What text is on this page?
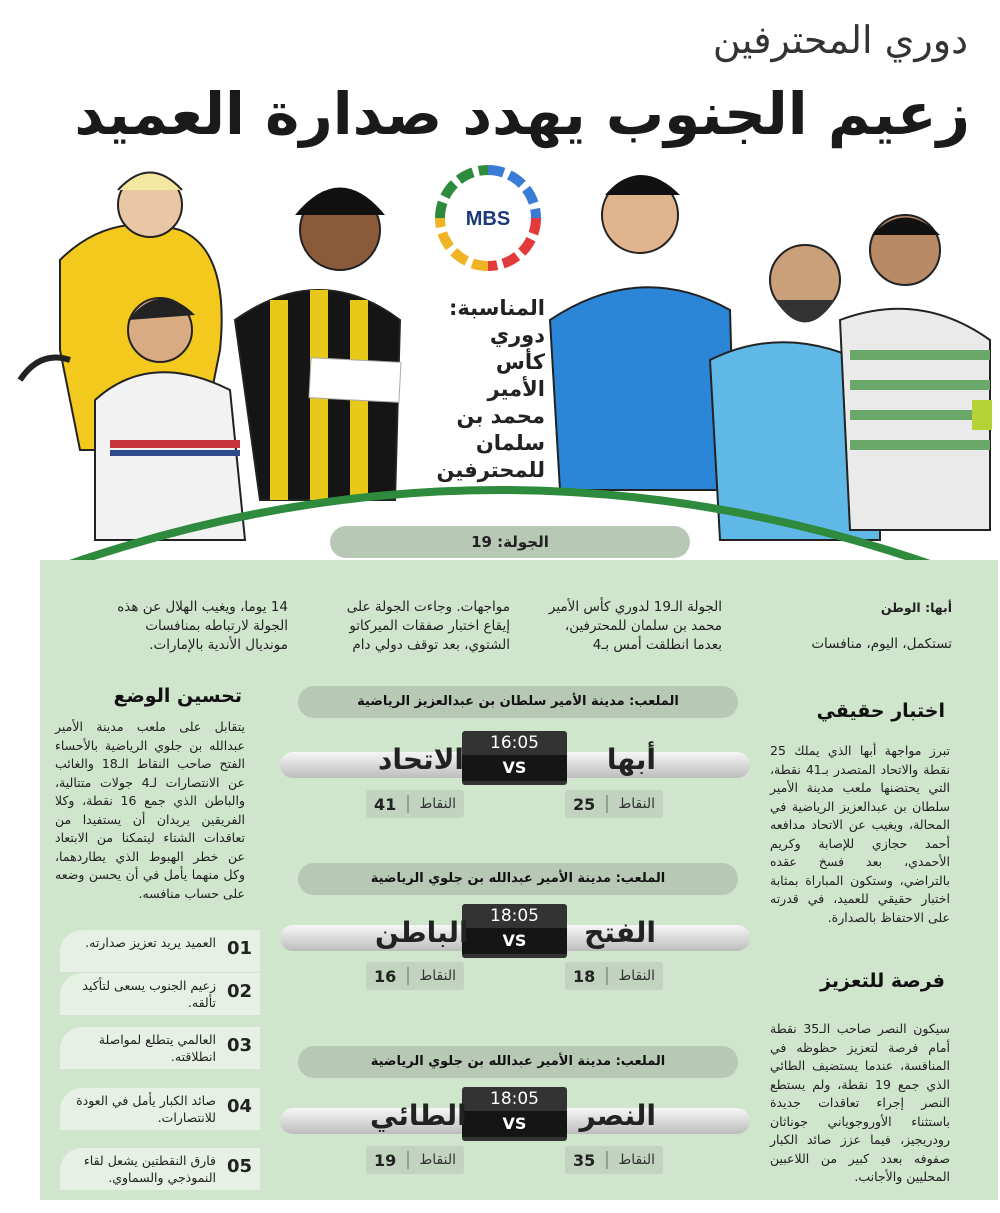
دوري المحترفين
زعيم الجنوب يهدد صدارة العميد
MBS
المناسبة: دوري كأس الأمير محمد بن سلمان للمحترفين
الجولة: 19
أبها: الوطن
تستكمل، اليوم، منافسات
الجولة الـ19 لدوري كأس الأمير محمد بن سلمان للمحترفين، بعدما انطلقت أمس بـ4
مواجهات. وجاءت الجولة على إيقاع اختبار صفقات الميركاتو الشتوي، بعد توقف دولي دام
14 يوما، ويغيب الهلال عن هذه الجولة لارتباطه بمنافسات مونديال الأندية بالإمارات.
اختبار حقيقي
تبرز مواجهة أبها الذي يملك 25 نقطة والاتحاد المتصدر بـ41 نقطة، التي يحتضنها ملعب مدينة الأمير سلطان بن عبدالعزيز الرياضية في المحالة، ويغيب عن الاتحاد مدافعه أحمد حجازي للإصابة وكريم الأحمدي، بعد فسخ عقده بالتراضي، وستكون المباراة بمثابة اختبار حقيقي للعميد، في قدرته على الاحتفاظ بالصدارة.
فرصة للتعزيز
سيكون النصر صاحب الـ35 نقطة أمام فرصة لتعزيز حظوظه في المنافسة، عندما يستضيف الطائي الذي جمع 19 نقطة، ولم يستطع النصر إجراء تعاقدات جديدة باستثناء الأوروجوياني جوناثان رودريجيز، فيما عزز صائد الكبار صفوفه بعدد كبير من اللاعبين المحليين والأجانب.
تحسين الوضع
يتقابل على ملعب مدينة الأمير عبدالله بن جلوي الرياضية بالأحساء الفتح صاحب النقاط الـ18 والغائب عن الانتصارات لـ4 جولات متتالية، والباطن الذي جمع 16 نقطة، وكلا الفريقين يريدان أن يستفيدا من تعاقدات الشتاء ليتمكنا من الابتعاد عن خطر الهبوط الذي يطاردهما، وكل منهما يأمل في أن يحسن وضعه على حساب منافسه.
الملعب: مدينة الأمير سلطان بن عبدالعزيز الرياضية
16:05
VS	أبها
الاتحاد
النقاط
25
النقاط
41
الملعب: مدينة الأمير عبدالله بن جلوي الرياضية
18:05
VS	الفتح
الباطن
النقاط
18
النقاط
16
الملعب: مدينة الأمير عبدالله بن جلوي الرياضية
18:05
VS	النصر
الطائي
النقاط
35
النقاط
19
01
العميد يريد تعزيز صدارته.
02
زعيم الجنوب يسعى لتأكيد تألقه.
03
العالمي يتطلع لمواصلة انطلاقته.
04
صائد الكبار يأمل في العودة للانتصارات.
05
فارق النقطتين يشعل لقاء النموذجي والسماوي.
